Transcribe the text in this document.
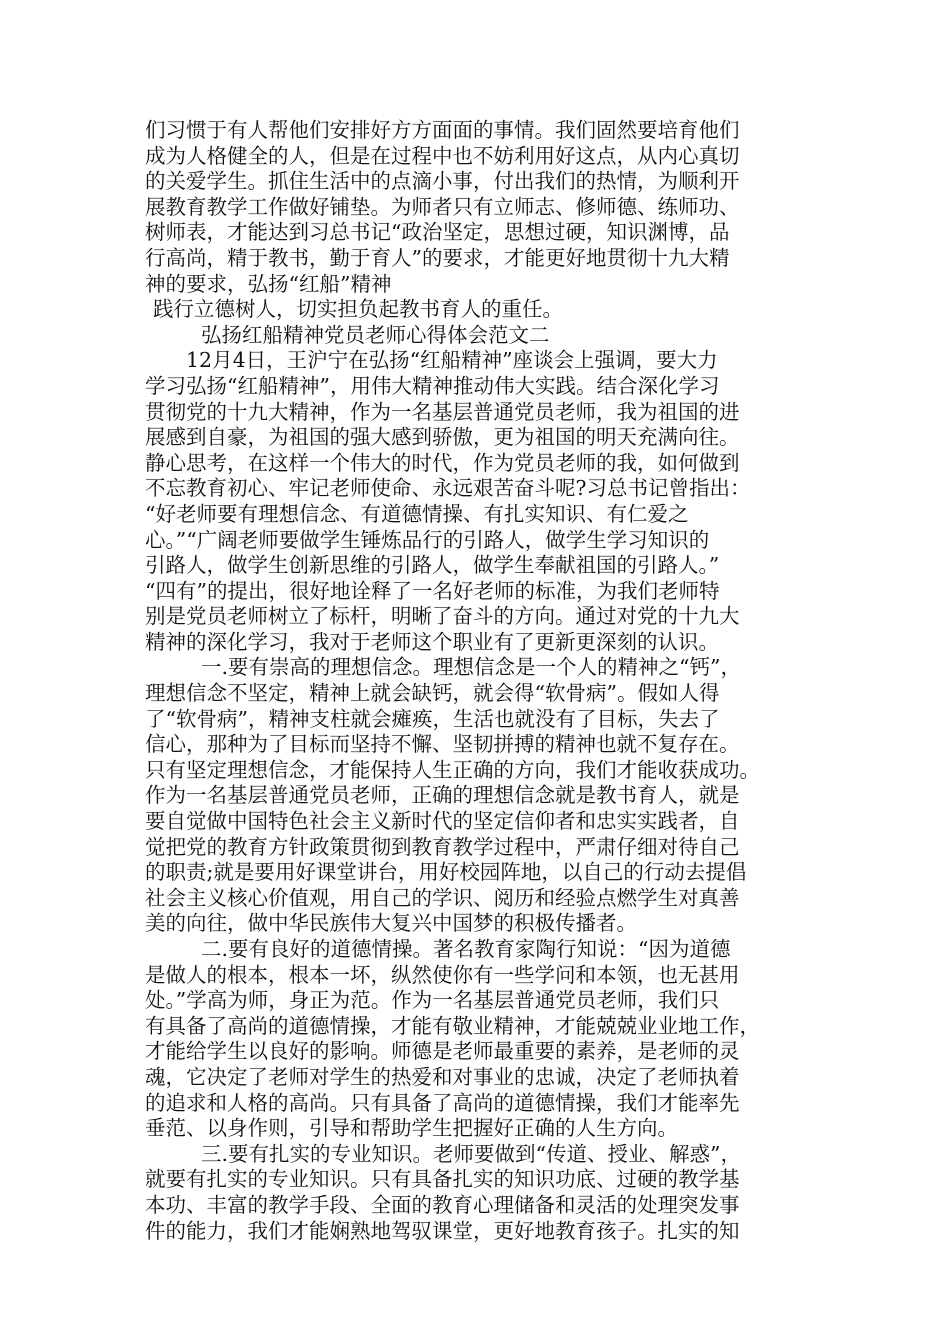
们习惯于有人帮他们安排好方方面面的事情。我们固然要培育他们
成为人格健全的人，但是在过程中也不妨利用好这点，从内心真切
的关爱学生。抓住生活中的点滴小事，付出我们的热情，为顺利开
展教育教学工作做好铺垫。为师者只有立师志、修师德、练师功、
树师表，才能达到习总书记“政治坚定，思想过硬，知识渊博，品
行高尚，精于教书，勤于育人”的要求，才能更好地贯彻十九大精
神的要求，弘扬“红船”精神
践行立德树人，切实担负起教书育人的重任。
弘扬红船精神党员老师心得体会范文二
12月4日，王沪宁在弘扬“红船精神”座谈会上强调，要大力
学习弘扬“红船精神”，用伟大精神推动伟大实践。结合深化学习
贯彻党的十九大精神，作为一名基层普通党员老师，我为祖国的进
展感到自豪，为祖国的强大感到骄傲，更为祖国的明天充满向往。
静心思考，在这样一个伟大的时代，作为党员老师的我，如何做到
不忘教育初心、牢记老师使命、永远艰苦奋斗呢?习总书记曾指出：
“好老师要有理想信念、有道德情操、有扎实知识、有仁爱之
心。”“广阔老师要做学生锤炼品行的引路人，做学生学习知识的
引路人，做学生创新思维的引路人，做学生奉献祖国的引路人。”
“四有”的提出，很好地诠释了一名好老师的标准，为我们老师特
别是党员老师树立了标杆，明晰了奋斗的方向。通过对党的十九大
精神的深化学习，我对于老师这个职业有了更新更深刻的认识。
一.要有崇高的理想信念。理想信念是一个人的精神之“钙”，
理想信念不坚定，精神上就会缺钙，就会得“软骨病”。假如人得
了“软骨病”，精神支柱就会瘫痪，生活也就没有了目标，失去了
信心，那种为了目标而坚持不懈、坚韧拼搏的精神也就不复存在。
只有坚定理想信念，才能保持人生正确的方向，我们才能收获成功。
作为一名基层普通党员老师，正确的理想信念就是教书育人，就是
要自觉做中国特色社会主义新时代的坚定信仰者和忠实实践者，自
觉把党的教育方针政策贯彻到教育教学过程中，严肃仔细对待自己
的职责;就是要用好课堂讲台，用好校园阵地，以自己的行动去提倡
社会主义核心价值观，用自己的学识、阅历和经验点燃学生对真善
美的向往，做中华民族伟大复兴中国梦的积极传播者。
二.要有良好的道德情操。著名教育家陶行知说：“因为道德
是做人的根本，根本一坏，纵然使你有一些学问和本领，也无甚用
处。”学高为师，身正为范。作为一名基层普通党员老师，我们只
有具备了高尚的道德情操，才能有敬业精神，才能兢兢业业地工作，
才能给学生以良好的影响。师德是老师最重要的素养，是老师的灵
魂，它决定了老师对学生的热爱和对事业的忠诚，决定了老师执着
的追求和人格的高尚。只有具备了高尚的道德情操，我们才能率先
垂范、以身作则，引导和帮助学生把握好正确的人生方向。
三.要有扎实的专业知识。老师要做到“传道、授业、解惑”，
就要有扎实的专业知识。只有具备扎实的知识功底、过硬的教学基
本功、丰富的教学手段、全面的教育心理储备和灵活的处理突发事
件的能力，我们才能娴熟地驾驭课堂，更好地教育孩子。扎实的知
